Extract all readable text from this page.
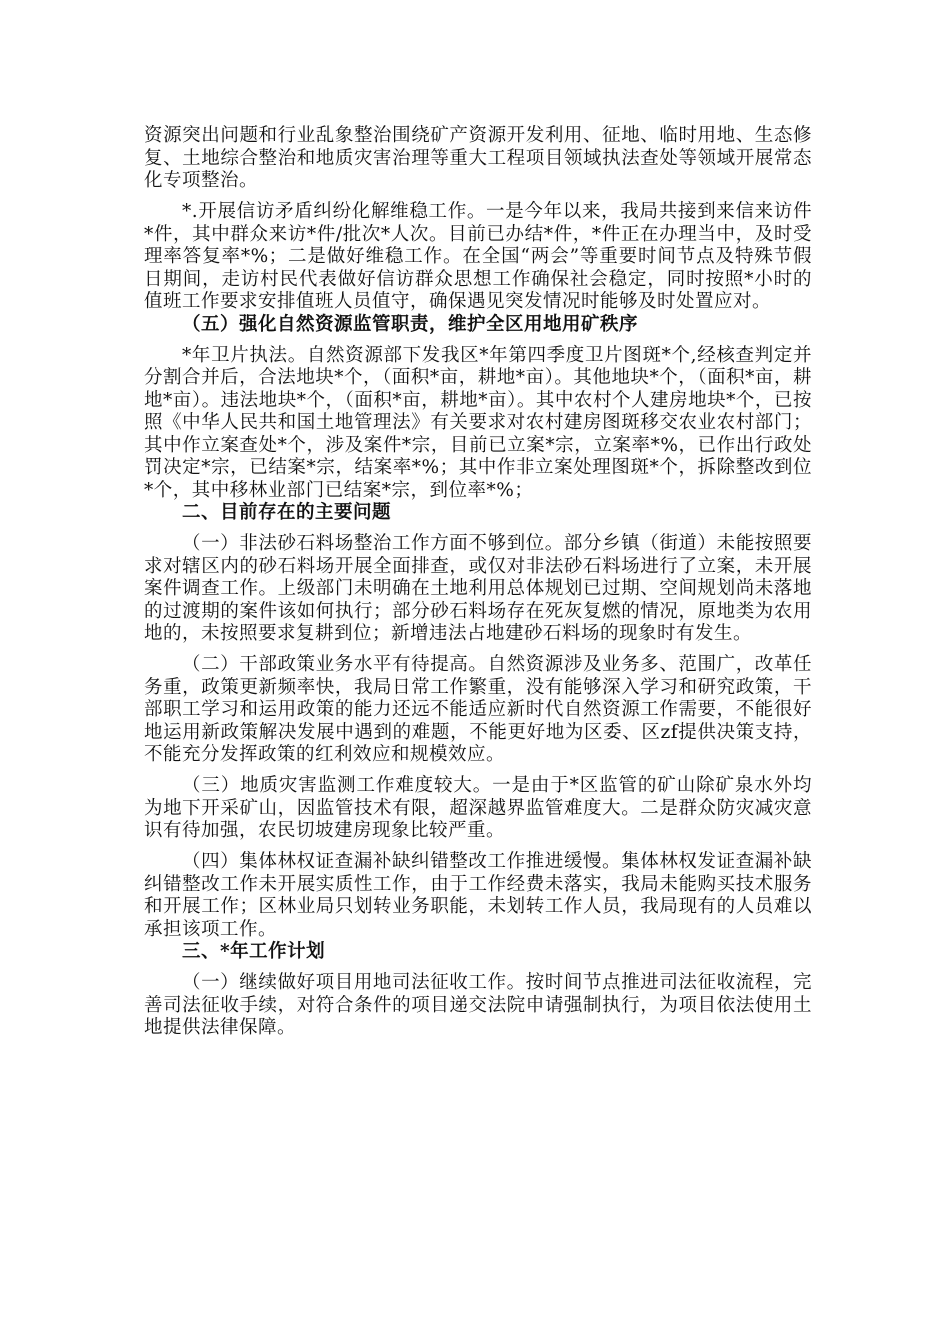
资源突出问题和行业乱象整治围绕矿产资源开发利用、征地、临时用地、生态修复、土地综合整治和地质灾害治理等重大工程项目领域执法查处等领域开展常态化专项整治。

*.开展信访矛盾纠纷化解维稳工作。一是今年以来，我局共接到来信来访件*件，其中群众来访*件/批次*人次。目前已办结*件，*件正在办理当中，及时受理率答复率*%；二是做好维稳工作。在全国“两会”等重要时间节点及特殊节假日期间，走访村民代表做好信访群众思想工作确保社会稳定，同时按照*小时的值班工作要求安排值班人员值守，确保遇见突发情况时能够及时处置应对。

（五）强化自然资源监管职责，维护全区用地用矿秩序

*年卫片执法。自然资源部下发我区*年第四季度卫片图斑*个,经核查判定并分割合并后，合法地块*个，（面积*亩，耕地*亩）。其他地块*个，（面积*亩，耕地*亩）。违法地块*个，（面积*亩，耕地*亩）。其中农村个人建房地块*个，已按照《中华人民共和国土地管理法》有关要求对农村建房图斑移交农业农村部门；其中作立案查处*个，涉及案件*宗，目前已立案*宗，立案率*%，已作出行政处罚决定*宗，已结案*宗，结案率*%；其中作非立案处理图斑*个，拆除整改到位*个，其中移林业部门已结案*宗，到位率*%；

二、目前存在的主要问题

（一）非法砂石料场整治工作方面不够到位。部分乡镇（街道）未能按照要求对辖区内的砂石料场开展全面排查，或仅对非法砂石料场进行了立案，未开展案件调查工作。上级部门未明确在土地利用总体规划已过期、空间规划尚未落地的过渡期的案件该如何执行；部分砂石料场存在死灰复燃的情况，原地类为农用地的，未按照要求复耕到位；新增违法占地建砂石料场的现象时有发生。

（二）干部政策业务水平有待提高。自然资源涉及业务多、范围广，改革任务重，政策更新频率快，我局日常工作繁重，没有能够深入学习和研究政策，干部职工学习和运用政策的能力还远不能适应新时代自然资源工作需要，不能很好地运用新政策解决发展中遇到的难题，不能更好地为区委、区zf提供决策支持，不能充分发挥政策的红利效应和规模效应。

（三）地质灾害监测工作难度较大。一是由于*区监管的矿山除矿泉水外均为地下开采矿山，因监管技术有限，超深越界监管难度大。二是群众防灾减灾意识有待加强，农民切坡建房现象比较严重。

（四）集体林权证查漏补缺纠错整改工作推进缓慢。集体林权发证查漏补缺纠错整改工作未开展实质性工作，由于工作经费未落实，我局未能购买技术服务和开展工作；区林业局只划转业务职能，未划转工作人员，我局现有的人员难以承担该项工作。

三、*年工作计划

（一）继续做好项目用地司法征收工作。按时间节点推进司法征收流程，完善司法征收手续，对符合条件的项目递交法院申请强制执行，为项目依法使用土地提供法律保障。
